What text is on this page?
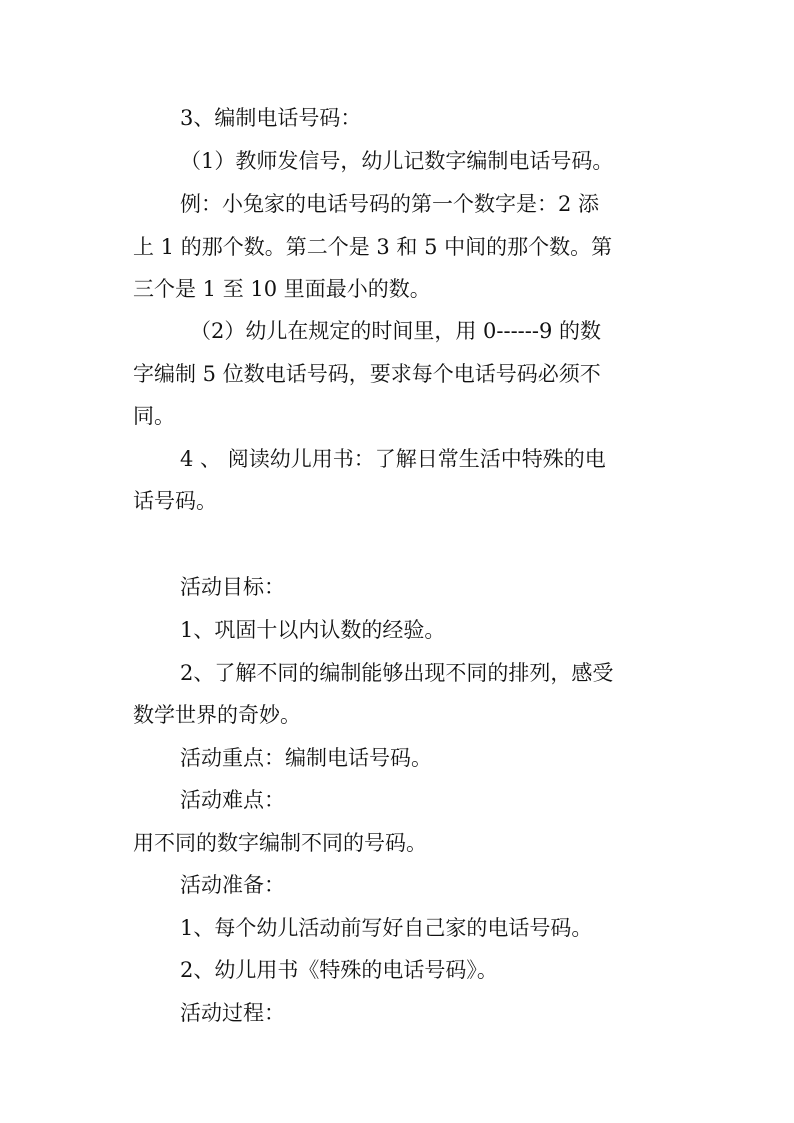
3、编制电话号码：
（1）教师发信号，幼儿记数字编制电话号码。
例：小兔家的电话号码的第一个数字是：2 添
上 1 的那个数。第二个是 3 和 5 中间的那个数。第
三个是 1 至 10 里面最小的数。
（2）幼儿在规定的时间里，用 0------9 的数
字编制 5 位数电话号码，要求每个电话号码必须不
同。
4 、 阅读幼儿用书：了解日常生活中特殊的电
话号码。
活动目标：
1、巩固十以内认数的经验。
2、了解不同的编制能够出现不同的排列，感受
数学世界的奇妙。
活动重点：编制电话号码。
活动难点：
用不同的数字编制不同的号码。
活动准备：
1、每个幼儿活动前写好自己家的电话号码。
2、幼儿用书《特殊的电话号码》。
活动过程：
